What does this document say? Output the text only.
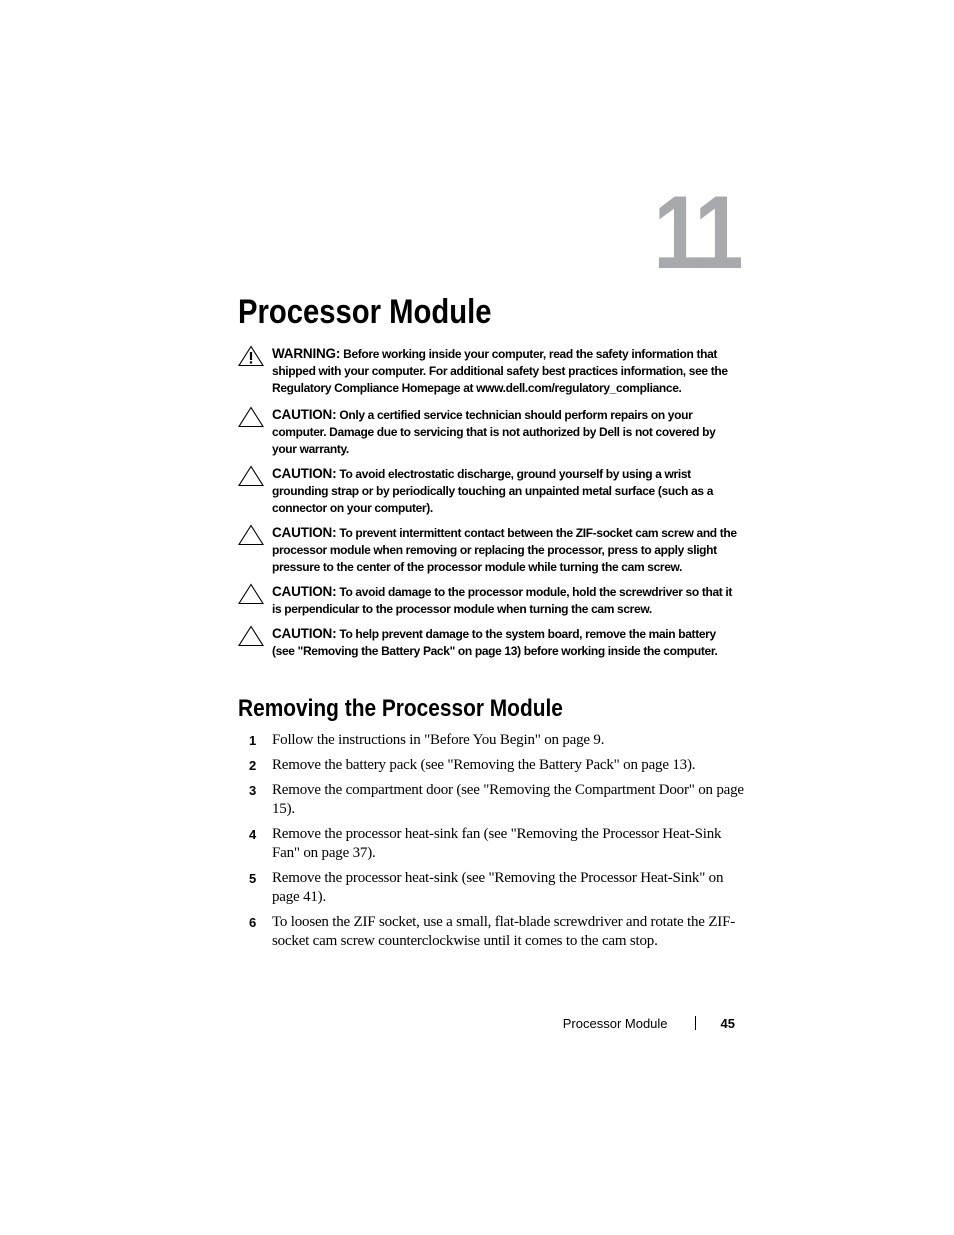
11
Processor Module
WARNING: Before working inside your computer, read the safety information that shipped with your computer. For additional safety best practices information, see the Regulatory Compliance Homepage at www.dell.com/regulatory_compliance.
CAUTION: Only a certified service technician should perform repairs on your computer. Damage due to servicing that is not authorized by Dell is not covered by your warranty.
CAUTION: To avoid electrostatic discharge, ground yourself by using a wrist grounding strap or by periodically touching an unpainted metal surface (such as a connector on your computer).
CAUTION: To prevent intermittent contact between the ZIF-socket cam screw and the processor module when removing or replacing the processor, press to apply slight pressure to the center of the processor module while turning the cam screw.
CAUTION: To avoid damage to the processor module, hold the screwdriver so that it is perpendicular to the processor module when turning the cam screw.
CAUTION: To help prevent damage to the system board, remove the main battery (see "Removing the Battery Pack" on page 13) before working inside the computer.
Removing the Processor Module
1 Follow the instructions in "Before You Begin" on page 9.
2 Remove the battery pack (see "Removing the Battery Pack" on page 13).
3 Remove the compartment door (see "Removing the Compartment Door" on page 15).
4 Remove the processor heat-sink fan (see "Removing the Processor Heat-Sink Fan" on page 37).
5 Remove the processor heat-sink (see "Removing the Processor Heat-Sink" on page 41).
6 To loosen the ZIF socket, use a small, flat-blade screwdriver and rotate the ZIF-socket cam screw counterclockwise until it comes to the cam stop.
Processor Module	45
